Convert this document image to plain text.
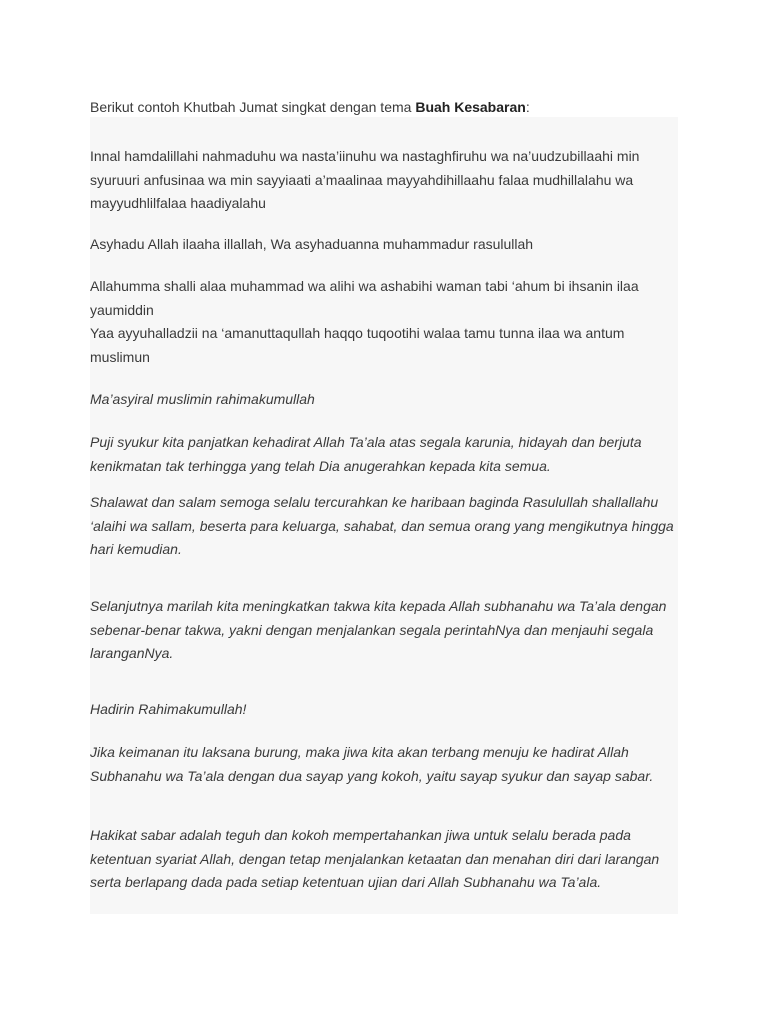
Berikut contoh Khutbah Jumat singkat dengan tema Buah Kesabaran:

Innal hamdalillahi nahmaduhu wa nasta’iinuhu wa nastaghfiruhu wa na’uudzubillaahi min syuruuri anfusinaa wa min sayyiaati a’maalinaa mayyahdihillaahu falaa mudhillalahu wa mayyudhlilfalaa haadiyalahu

Asyhadu Allah ilaaha illallah, Wa asyhaduanna muhammadur rasulullah

Allahumma shalli alaa muhammad wa alihi wa ashabihi waman tabi ‘ahum bi ihsanin ilaa yaumiddin

Yaa ayyuhalladzii na ‘amanuttaqullah haqqo tuqootihi walaa tamu tunna ilaa wa antum muslimun

Ma’asyiral muslimin rahimakumullah

Puji syukur kita panjatkan kehadirat Allah Ta’ala atas segala karunia, hidayah dan berjuta kenikmatan tak terhingga yang telah Dia anugerahkan kepada kita semua.

Shalawat dan salam semoga selalu tercurahkan ke haribaan baginda Rasulullah shallallahu ‘alaihi wa sallam, beserta para keluarga, sahabat, dan semua orang yang mengikutnya hingga hari kemudian.

Selanjutnya marilah kita meningkatkan takwa kita kepada Allah subhanahu wa Ta’ala dengan sebenar-benar takwa, yakni dengan menjalankan segala perintahNya dan menjauhi segala laranganNya.

Hadirin Rahimakumullah!

Jika keimanan itu laksana burung, maka jiwa kita akan terbang menuju ke hadirat Allah Subhanahu wa Ta’ala dengan dua sayap yang kokoh, yaitu sayap syukur dan sayap sabar.

Hakikat sabar adalah teguh dan kokoh mempertahankan jiwa untuk selalu berada pada ketentuan syariat Allah, dengan tetap menjalankan ketaatan dan menahan diri dari larangan serta berlapang dada pada setiap ketentuan ujian dari Allah Subhanahu wa Ta’ala.
